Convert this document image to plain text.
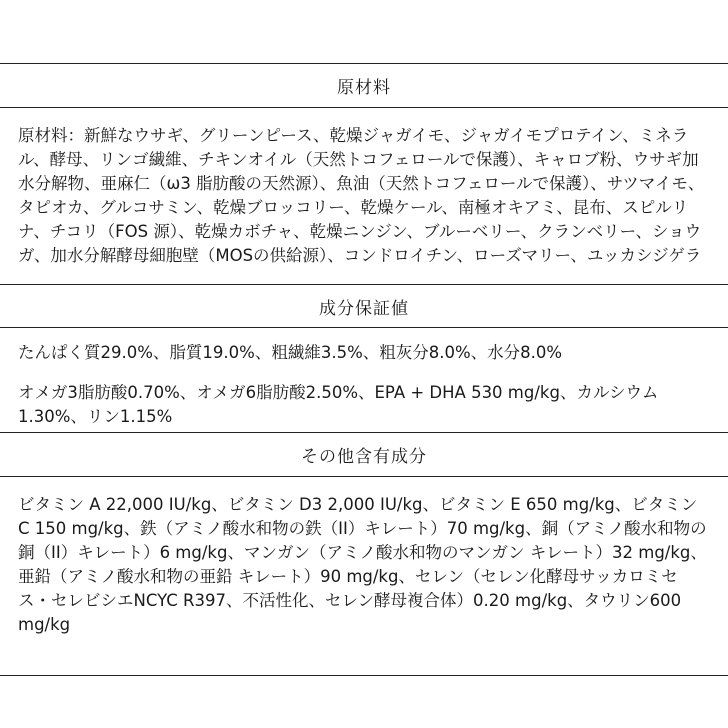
原材料

原材料：新鮮なウサギ、グリーンピース、乾燥ジャガイモ、ジャガイモプロテイン、ミネラル、酵母、リンゴ繊維、チキンオイル（天然トコフェロールで保護）、キャロブ粉、ウサギ加水分解物、亜麻仁（ω3 脂肪酸の天然源）、魚油（天然トコフェロールで保護）、サツマイモ、タピオカ、グルコサミン、乾燥ブロッコリー、乾燥ケール、南極オキアミ、昆布、スピルリナ、チコリ（FOS 源）、乾燥カボチャ、乾燥ニンジン、ブルーベリー、クランベリー、ショウガ、加水分解酵母細胞壁（MOSの供給源）、コンドロイチン、ローズマリー、ユッカシジゲラ

成分保証値

たんぱく質29.0%、脂質19.0%、粗繊維3.5%、粗灰分8.0%、水分8.0%

オメガ3脂肪酸0.70%、オメガ6脂肪酸2.50%、EPA + DHA 530 mg/kg、カルシウム1.30%、リン1.15%

その他含有成分

ビタミン A 22,000 IU/kg、ビタミン D3 2,000 IU/kg、ビタミン E 650 mg/kg、ビタミン C 150 mg/kg、鉄（アミノ酸水和物の鉄（II）キレート）70 mg/kg、銅（アミノ酸水和物の銅（II）キレート）6 mg/kg、マンガン（アミノ酸水和物のマンガン キレート）32 mg/kg、亜鉛（アミノ酸水和物の亜鉛 キレート）90 mg/kg、セレン（セレン化酵母サッカロミセス・セレビシエNCYC R397、不活性化、セレン酵母複合体）0.20 mg/kg、タウリン600 mg/kg
